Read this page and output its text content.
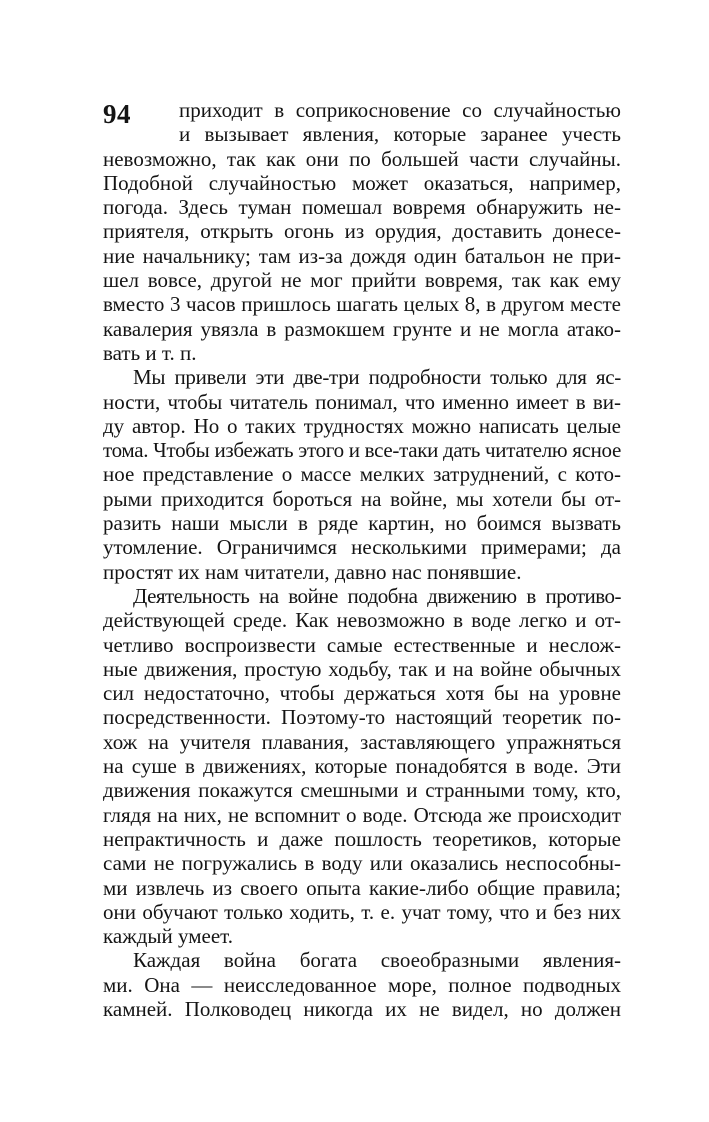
94 приходит в соприкосновение со случайностью
и вызывает явления, которые заранее учесть
невозможно, так как они по большей части случайны.
Подобной случайностью может оказаться, например,
погода. Здесь туман помешал вовремя обнаружить не-
приятеля, открыть огонь из орудия, доставить донесе-
ние начальнику; там из-за дождя один батальон не при-
шел вовсе, другой не мог прийти вовремя, так как ему
вместо 3 часов пришлось шагать целых 8, в другом месте
кавалерия увязла в размокшем грунте и не могла атако-
вать и т. п.
Мы привели эти две-три подробности только для яс-
ности, чтобы читатель понимал, что именно имеет в ви-
ду автор. Но о таких трудностях можно написать целые
тома. Чтобы избежать этого и все-таки дать читателю ясное
ное представление о массе мелких затруднений, с кото-
рыми приходится бороться на войне, мы хотели бы от-
разить наши мысли в ряде картин, но боимся вызвать
утомление. Ограничимся несколькими примерами; да
простят их нам читатели, давно нас понявшие.
Деятельность на войне подобна движению в противо-
действующей среде. Как невозможно в воде легко и от-
четливо воспроизвести самые естественные и неслож-
ные движения, простую ходьбу, так и на войне обычных
сил недостаточно, чтобы держаться хотя бы на уровне
посредственности. Поэтому-то настоящий теоретик по-
хож на учителя плавания, заставляющего упражняться
на суше в движениях, которые понадобятся в воде. Эти
движения покажутся смешными и странными тому, кто,
глядя на них, не вспомнит о воде. Отсюда же происходит
непрактичность и даже пошлость теоретиков, которые
сами не погружались в воду или оказались неспособны-
ми извлечь из своего опыта какие-либо общие правила;
они обучают только ходить, т. е. учат тому, что и без них
каждый умеет.
Каждая война богата своеобразными явления-
ми. Она — неисследованное море, полное подводных
камней. Полководец никогда их не видел, но должен
